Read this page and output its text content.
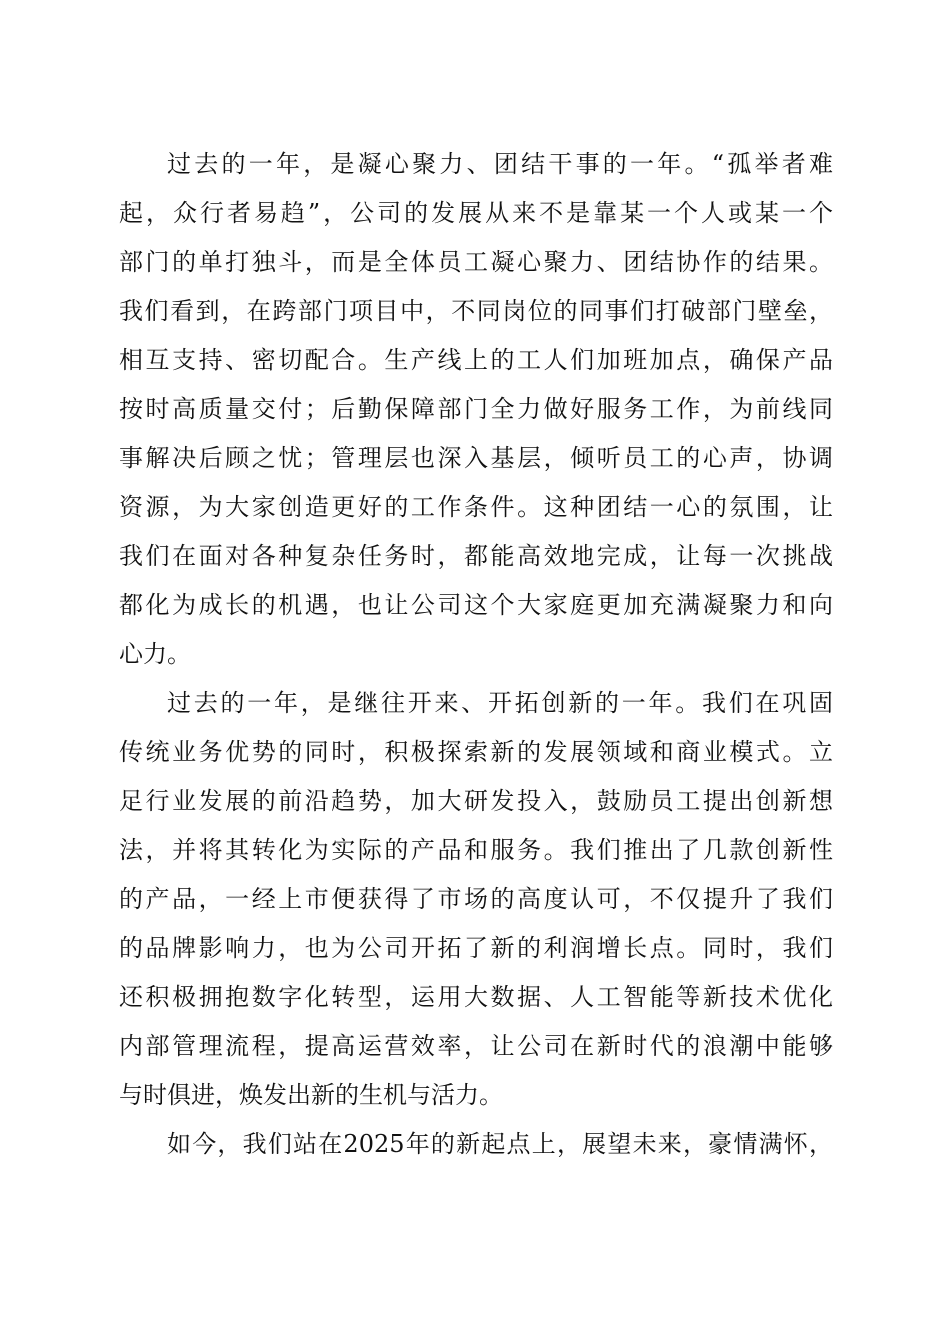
过去的一年，是凝心聚力、团结干事的一年。“孤举者难
起，众行者易趋”，公司的发展从来不是靠某一个人或某一个
部门的单打独斗，而是全体员工凝心聚力、团结协作的结果。
我们看到，在跨部门项目中，不同岗位的同事们打破部门壁垒，
相互支持、密切配合。生产线上的工人们加班加点，确保产品
按时高质量交付；后勤保障部门全力做好服务工作，为前线同
事解决后顾之忧；管理层也深入基层，倾听员工的心声，协调
资源，为大家创造更好的工作条件。这种团结一心的氛围，让
我们在面对各种复杂任务时，都能高效地完成，让每一次挑战
都化为成长的机遇，也让公司这个大家庭更加充满凝聚力和向
心力。
过去的一年，是继往开来、开拓创新的一年。我们在巩固
传统业务优势的同时，积极探索新的发展领域和商业模式。立
足行业发展的前沿趋势，加大研发投入，鼓励员工提出创新想
法，并将其转化为实际的产品和服务。我们推出了几款创新性
的产品，一经上市便获得了市场的高度认可，不仅提升了我们
的品牌影响力，也为公司开拓了新的利润增长点。同时，我们
还积极拥抱数字化转型，运用大数据、人工智能等新技术优化
内部管理流程，提高运营效率，让公司在新时代的浪潮中能够
与时俱进，焕发出新的生机与活力。
如今，我们站在2025年的新起点上，展望未来，豪情满怀，
